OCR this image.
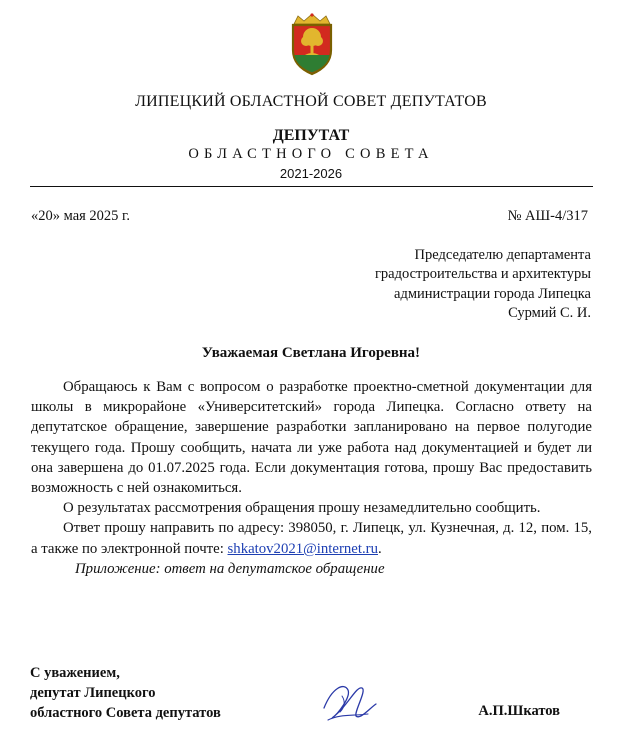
ЛИПЕЦКИЙ ОБЛАСТНОЙ СОВЕТ ДЕПУТАТОВ
ДЕПУТАТ
ОБЛАСТНОГО СОВЕТА
2021-2026
«20» мая 2025 г.	№ АШ-4/317
Председателю департамента
градостроительства и архитектуры
администрации города Липецка
Сурмий С. И.
Уважаемая Светлана Игоревна!

Обращаюсь к Вам с вопросом о разработке проектно-сметной документации для школы в микрорайоне «Университетский» города Липецка. Согласно ответу на депутатское обращение, завершение разработки запланировано на первое полугодие текущего года. Прошу сообщить, начата ли уже работа над документацией и будет ли она завершена до 01.07.2025 года. Если документация готова, прошу Вас предоставить возможность с ней ознакомиться.

О результатах рассмотрения обращения прошу незамедлительно сообщить.

Ответ прошу направить по адресу: 398050, г. Липецк, ул. Кузнечная, д. 12, пом. 15, а также по электронной почте: shkatov2021@internet.ru.

Приложение: ответ на депутатское обращение

С уважением,
депутат Липецкого
областного Совета депутатов	А.П.Шкатов
